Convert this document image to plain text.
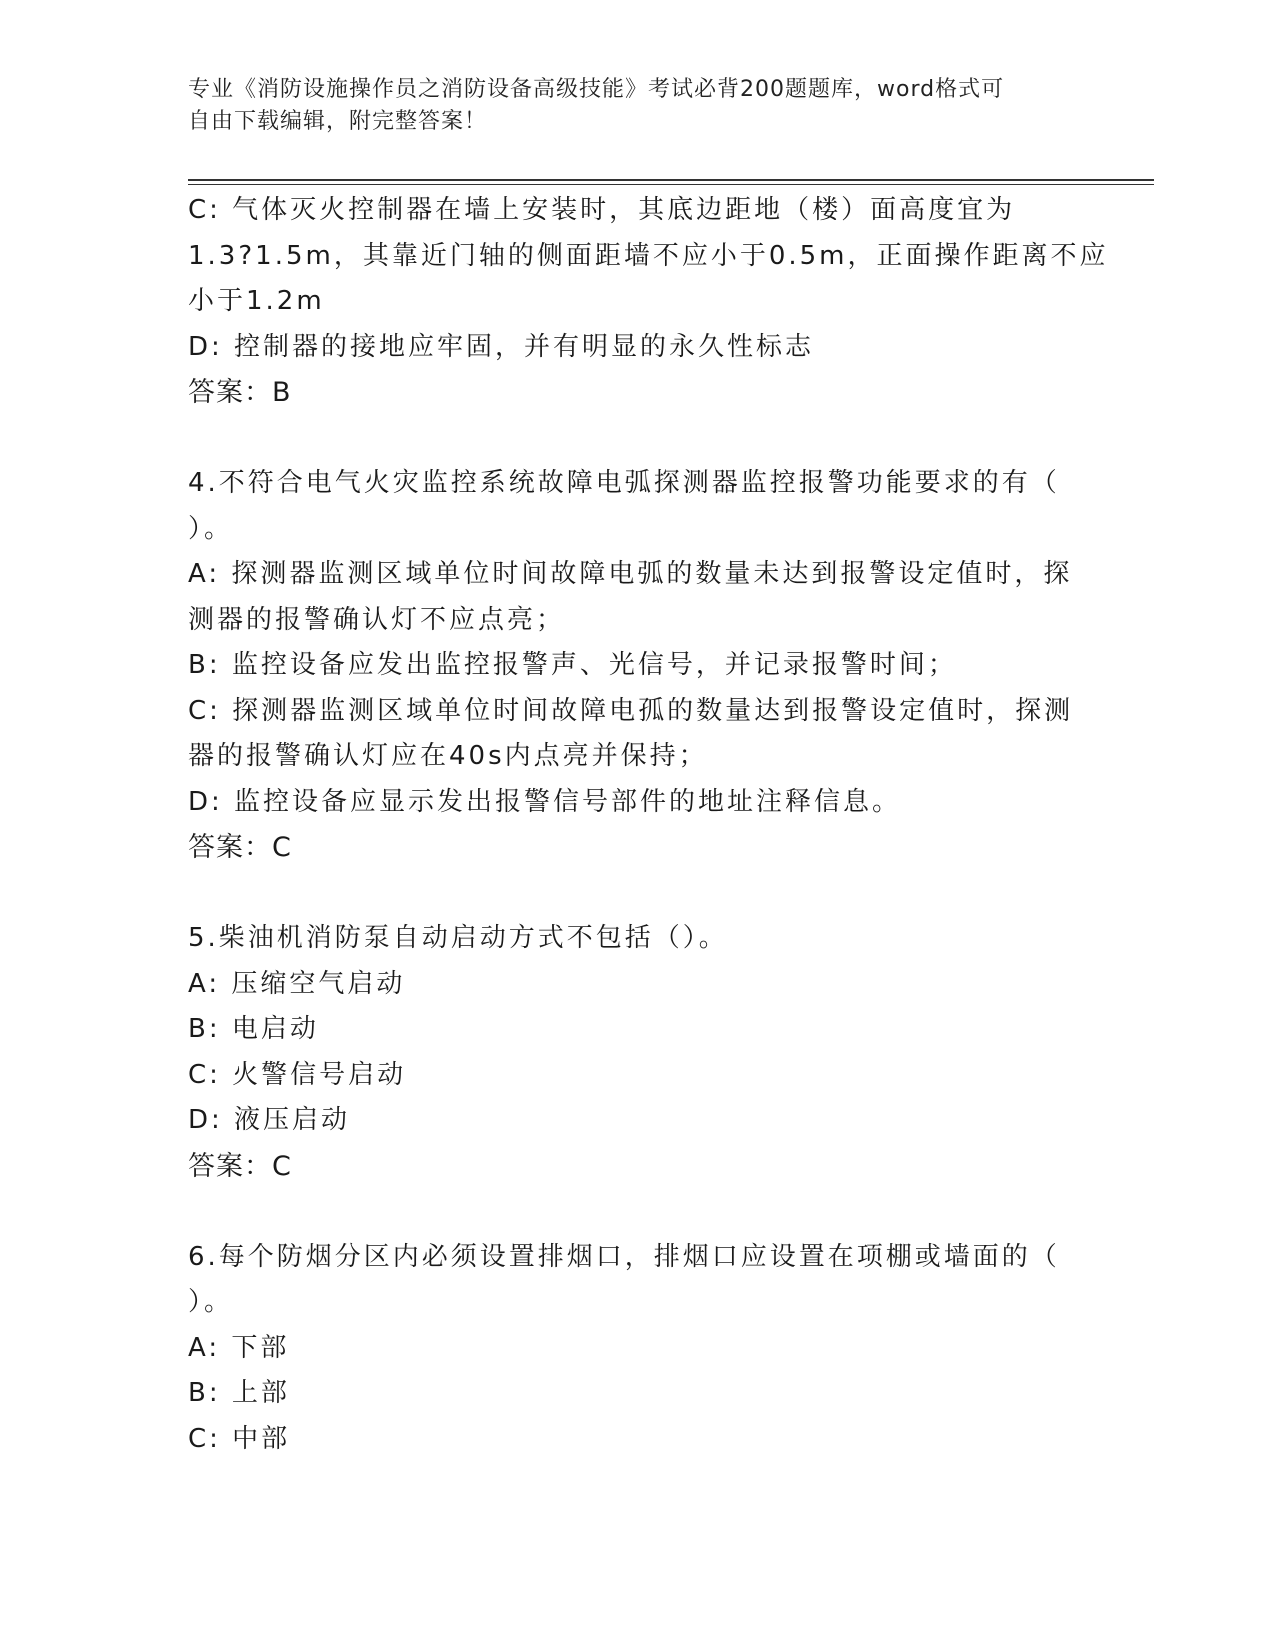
专业《消防设施操作员之消防设备高级技能》考试必背200题题库，word格式可
自由下载编辑，附完整答案！
C: 气体灭火控制器在墙上安装时，其底边距地（楼）面高度宜为
1.3?1.5m，其靠近门轴的侧面距墙不应小于0.5m，正面操作距离不应
小于1.2m
D: 控制器的接地应牢固，并有明显的永久性标志
答案：B
4.不符合电气火灾监控系统故障电弧探测器监控报警功能要求的有（
）。
A: 探测器监测区域单位时间故障电弧的数量未达到报警设定值时，探
测器的报警确认灯不应点亮；
B: 监控设备应发出监控报警声、光信号，并记录报警时间；
C: 探测器监测区域单位时间故障电孤的数量达到报警设定值时，探测
器的报警确认灯应在40s内点亮并保持；
D: 监控设备应显示发出报警信号部件的地址注释信息。
答案：C
5.柴油机消防泵自动启动方式不包括（）。
A: 压缩空气启动
B: 电启动
C: 火警信号启动
D: 液压启动
答案：C
6.每个防烟分区内必须设置排烟口，排烟口应设置在项棚或墙面的（
）。
A: 下部
B: 上部
C: 中部
